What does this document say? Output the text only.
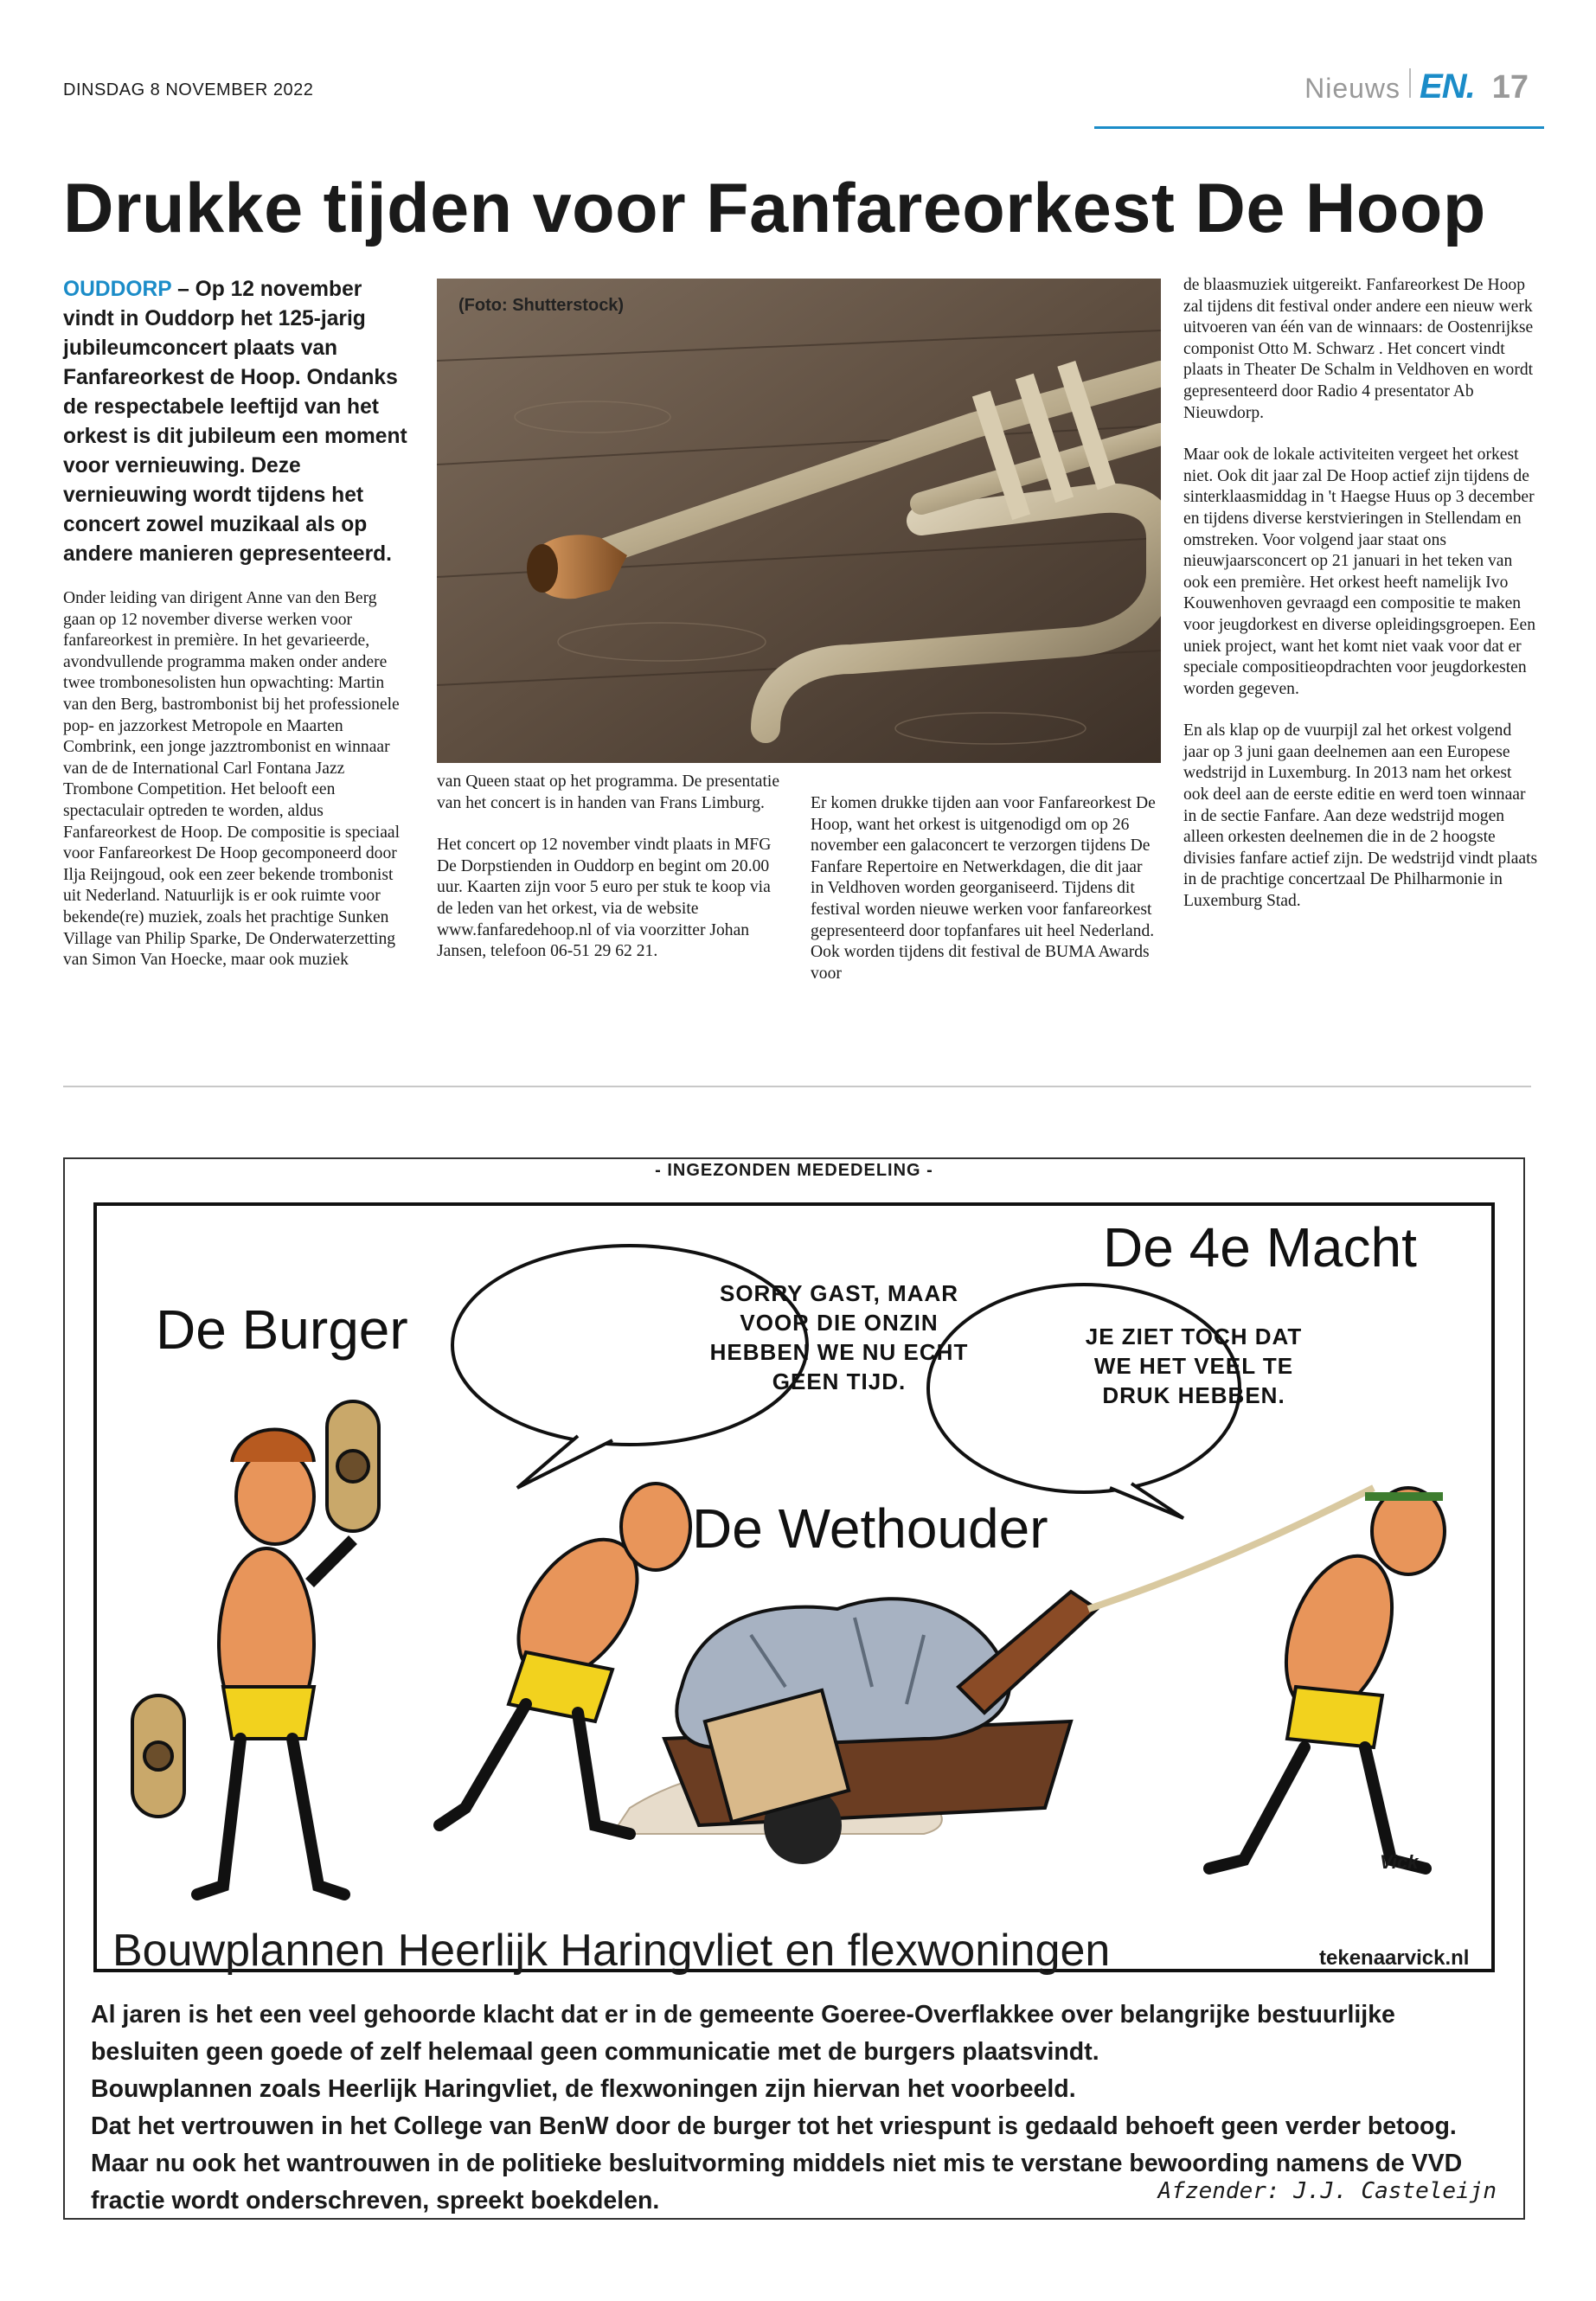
DINSDAG 8 NOVEMBER 2022	Nieuws EN. 17
Drukke tijden voor Fanfareorkest De Hoop
OUDDORP – Op 12 november vindt in Ouddorp het 125-jarig jubileumconcert plaats van Fanfareorkest de Hoop. Ondanks de respectabele leeftijd van het orkest is dit jubileum een moment voor vernieuwing. Deze vernieuwing wordt tijdens het concert zowel muzikaal als op andere manieren gepresenteerd.

Onder leiding van dirigent Anne van den Berg gaan op 12 november diverse werken voor fanfareorkest in première. In het gevarieerde, avondvullende programma maken onder andere twee trombonesolisten hun opwachting: Martin van den Berg, bastrombonist bij het professionele pop- en jazzorkest Metropole en Maarten Combrink, een jonge jazztrombonist en winnaar van de de International Carl Fontana Jazz Trombone Competition. Het belooft een spectaculair optreden te worden, aldus Fanfareorkest de Hoop. De compositie is speciaal voor Fanfareorkest De Hoop gecomponeerd door Ilja Reijngoud, ook een zeer bekende trombonist uit Nederland. Natuurlijk is er ook ruimte voor bekende(re) muziek, zoals het prachtige Sunken Village van Philip Sparke, De Onderwaterzetting van Simon Van Hoecke, maar ook muziek

(Foto: Shutterstock)

van Queen staat op het programma. De presentatie van het concert is in handen van Frans Limburg.

Het concert op 12 november vindt plaats in MFG De Dorpstienden in Ouddorp en begint om 20.00 uur. Kaarten zijn voor 5 euro per stuk te koop via de leden van het orkest, via de website www.fanfaredehoop.nl of via voorzitter Johan Jansen, telefoon 06-51 29 62 21.

Er komen drukke tijden aan voor Fanfareorkest De Hoop, want het orkest is uitgenodigd om op 26 november een galaconcert te verzorgen tijdens De Fanfare Repertoire en Netwerkdagen, die dit jaar in Veldhoven worden georganiseerd. Tijdens dit festival worden nieuwe werken voor fanfareorkest gepresenteerd door topfanfares uit heel Nederland. Ook worden tijdens dit festival de BUMA Awards voor

de blaasmuziek uitgereikt. Fanfareorkest De Hoop zal tijdens dit festival onder andere een nieuw werk uitvoeren van één van de winnaars: de Oostenrijkse componist Otto M. Schwarz . Het concert vindt plaats in Theater De Schalm in Veldhoven en wordt gepresenteerd door Radio 4 presentator Ab Nieuwdorp.

Maar ook de lokale activiteiten vergeet het orkest niet. Ook dit jaar zal De Hoop actief zijn tijdens de sinterklaasmiddag in 't Haegse Huus op 3 december en tijdens diverse kerstvieringen in Stellendam en omstreken. Voor volgend jaar staat ons nieuwjaarsconcert op 21 januari in het teken van ook een première. Het orkest heeft namelijk Ivo Kouwenhoven gevraagd een compositie te maken voor jeugdorkest en diverse opleidingsgroepen. Een uniek project, want het komt niet vaak voor dat er speciale compositieopdrachten voor jeugdorkesten worden gegeven.

En als klap op de vuurpijl zal het orkest volgend jaar op 3 juni gaan deelnemen aan een Europese wedstrijd in Luxemburg. In 2013 nam het orkest ook deel aan de eerste editie en werd toen winnaar in de sectie Fanfare. Aan deze wedstrijd mogen alleen orkesten deelnemen die in de 2 hoogste divisies fanfare actief zijn. De wedstrijd vindt plaats in de prachtige concertzaal De Philharmonie in Luxemburg Stad.

- INGEZONDEN MEDEDELING -
De Burger
De 4e Macht
De Wethouder
SORRY GAST, MAAR VOOR DIE ONZIN HEBBEN WE NU ECHT GEEN TIJD.
JE ZIET TOCH DAT WE HET VEEL TE DRUK HEBBEN.
Vick
Bouwplannen Heerlijk Haringvliet en flexwoningen	tekenaarvick.nl
Al jaren is het een veel gehoorde klacht dat er in de gemeente Goeree-Overflakkee over belangrijke bestuurlijke besluiten geen goede of zelf helemaal geen communicatie met de burgers plaatsvindt.
Bouwplannen zoals Heerlijk Haringvliet, de flexwoningen zijn hiervan het voorbeeld.
Dat het vertrouwen in het College van BenW door de burger tot het vriespunt is gedaald behoeft geen verder betoog.
Maar nu ook het wantrouwen in de politieke besluitvorming middels niet mis te verstane bewoording namens de VVD fractie wordt onderschreven, spreekt boekdelen.	Afzender: J.J. Casteleijn
